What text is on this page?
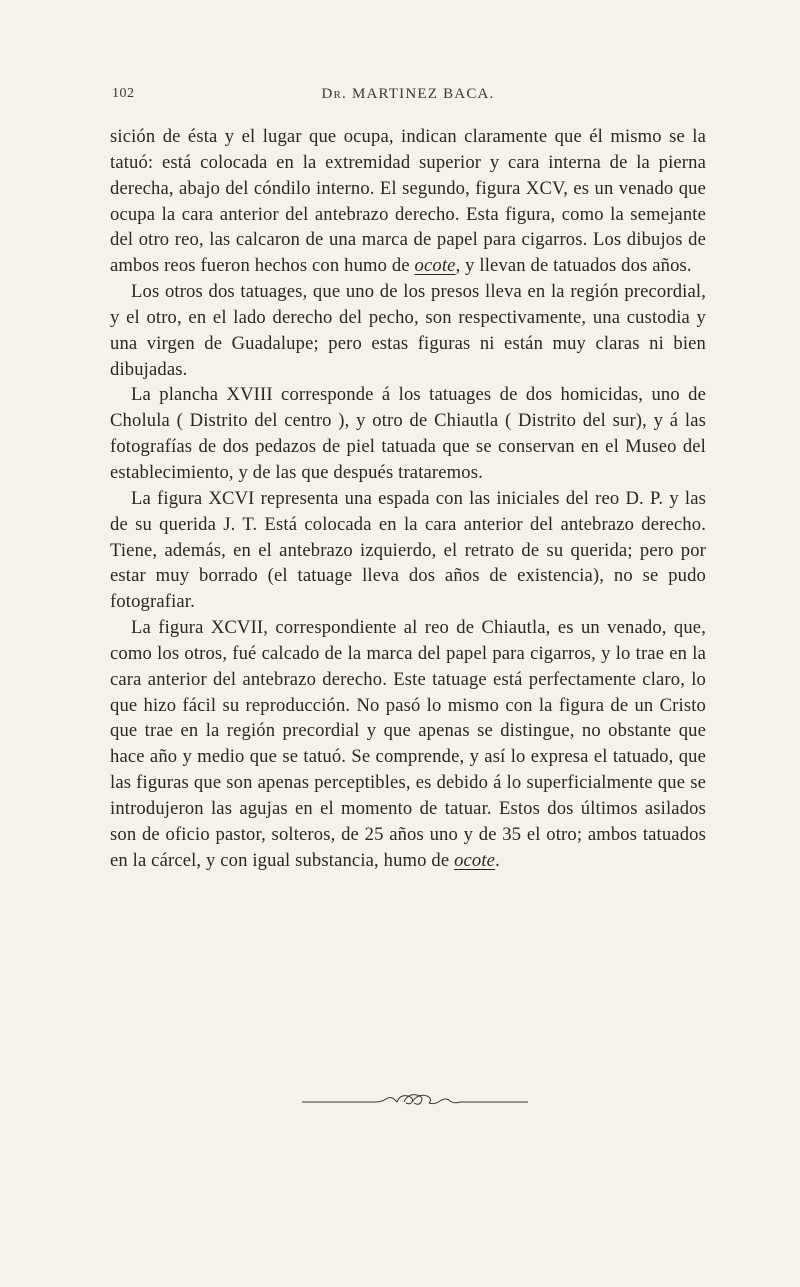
102	Dr. MARTINEZ BACA.

sición de ésta y el lugar que ocupa, indican claramente que él mismo se la tatuó: está colocada en la extremidad superior y cara interna de la pierna derecha, abajo del cóndilo interno. El segundo, figura XCV, es un venado que ocupa la cara anterior del antebrazo derecho. Esta figura, como la semejante del otro reo, las calcaron de una marca de papel para cigarros. Los dibujos de ambos reos fueron hechos con humo de ocote, y llevan de tatuados dos años.

Los otros dos tatuages, que uno de los presos lleva en la región precordial, y el otro, en el lado derecho del pecho, son respectivamente, una custodia y una virgen de Guadalupe; pero estas figuras ni están muy claras ni bien dibujadas.

La plancha XVIII corresponde á los tatuages de dos homicidas, uno de Cholula ( Distrito del centro ), y otro de Chiautla ( Distrito del sur), y á las fotografías de dos pedazos de piel tatuada que se conservan en el Museo del establecimiento, y de las que después trataremos.

La figura XCVI representa una espada con las iniciales del reo D. P. y las de su querida J. T. Está colocada en la cara anterior del antebrazo derecho. Tiene, además, en el antebrazo izquierdo, el retrato de su querida; pero por estar muy borrado (el tatuage lleva dos años de existencia), no se pudo fotografiar.

La figura XCVII, correspondiente al reo de Chiautla, es un venado, que, como los otros, fué calcado de la marca del papel para cigarros, y lo trae en la cara anterior del antebrazo derecho. Este tatuage está perfectamente claro, lo que hizo fácil su reproducción. No pasó lo mismo con la figura de un Cristo que trae en la región precordial y que apenas se distingue, no obstante que hace año y medio que se tatuó. Se comprende, y así lo expresa el tatuado, que las figuras que son apenas perceptibles, es debido á lo superficialmente que se introdujeron las agujas en el momento de tatuar. Estos dos últimos asilados son de oficio pastor, solteros, de 25 años uno y de 35 el otro; ambos tatuados en la cárcel, y con igual substancia, humo de ocote.
